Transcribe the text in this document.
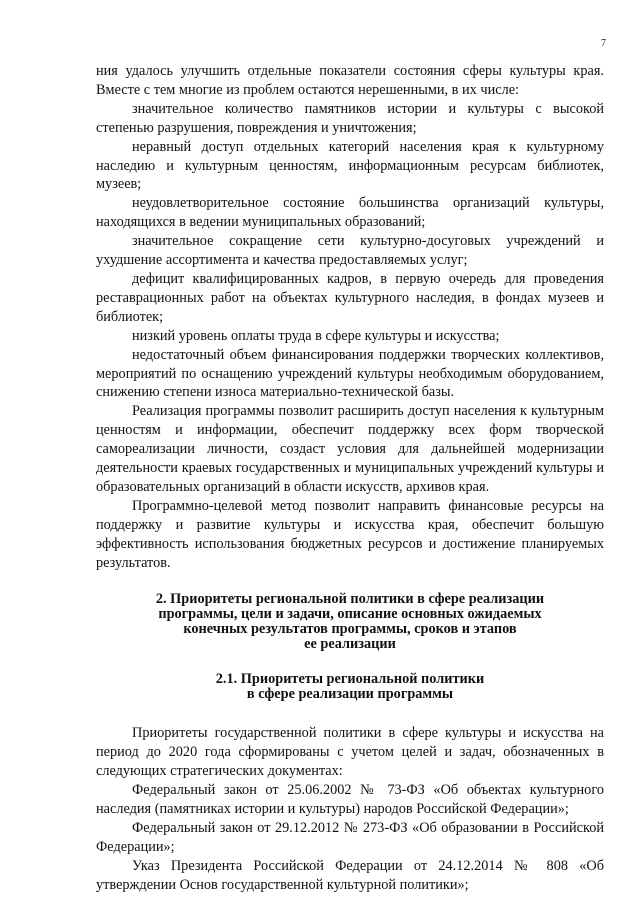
7

ния удалось улучшить отдельные показатели состояния сферы культуры края. Вместе с тем многие из проблем остаются нерешенными, в их числе:

значительное количество памятников истории и культуры с высокой степенью разрушения, повреждения и уничтожения;

неравный доступ отдельных категорий населения края к культурному наследию и культурным ценностям, информационным ресурсам библиотек, музеев;

неудовлетворительное состояние большинства организаций культуры, находящихся в ведении муниципальных образований;

значительное сокращение сети культурно-досуговых учреждений и ухудшение ассортимента и качества предоставляемых услуг;

дефицит квалифицированных кадров, в первую очередь для проведения реставрационных работ на объектах культурного наследия, в фондах музеев и библиотек;

низкий уровень оплаты труда в сфере культуры и искусства;

недостаточный объем финансирования поддержки творческих коллективов, мероприятий по оснащению учреждений культуры необходимым оборудованием, снижению степени износа материально-технической базы.

Реализация программы позволит расширить доступ населения к культурным ценностям и информации, обеспечит поддержку всех форм творческой самореализации личности, создаст условия для дальнейшей модернизации деятельности краевых государственных и муниципальных учреждений культуры и образовательных организаций в области искусств, архивов края.

Программно-целевой метод позволит направить финансовые ресурсы на поддержку и развитие культуры и искусства края, обеспечит большую эффективность использования бюджетных ресурсов и достижение планируемых результатов.

2. Приоритеты региональной политики в сфере реализации
программы, цели и задачи, описание основных ожидаемых
конечных результатов программы, сроков и этапов
ее реализации
2.1. Приоритеты региональной политики
в сфере реализации программы

Приоритеты государственной политики в сфере культуры и искусства на период до 2020 года сформированы с учетом целей и задач, обозначенных в следующих стратегических документах:

Федеральный закон от 25.06.2002 № 73-ФЗ «Об объектах культурного наследия (памятниках истории и культуры) народов Российской Федерации»;

Федеральный закон от 29.12.2012 № 273-ФЗ «Об образовании в Российской Федерации»;

Указ Президента Российской Федерации от 24.12.2014 № 808 «Об утверждении Основ государственной культурной политики»;
